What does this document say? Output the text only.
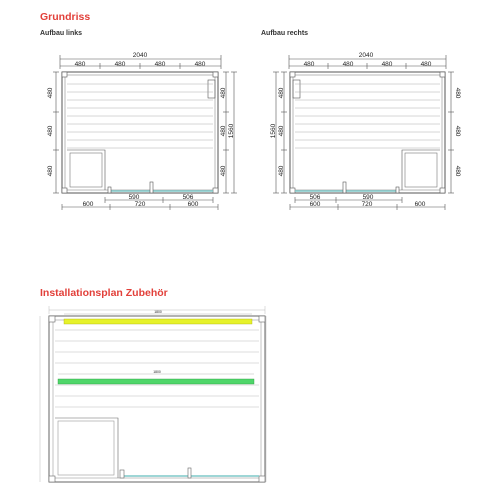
Grundriss
Aufbau links	Aufbau rechts
Installationsplan Zubehör
2040
480	480	480	480
480
480
480
480
480
480
1560
590	506
600	720	600
2040
480	480	480	480
1560
480
480
480
480
480
480
506	590
600	720	600
1800
1800
